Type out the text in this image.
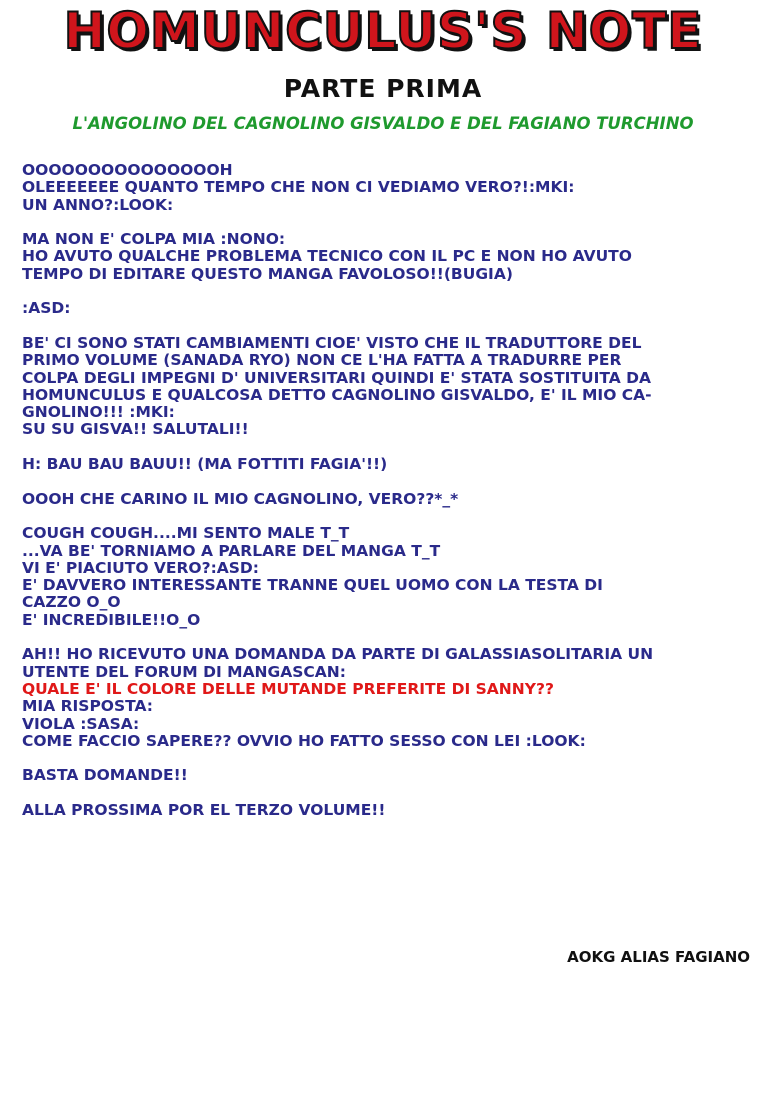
HOMUNCULUS'S NOTE
PARTE PRIMA
L'ANGOLINO DEL CAGNOLINO GISVALDO E DEL FAGIANO TURCHINO

OOOOOOOOOOOOOOOH
OLEEEEEEE QUANTO TEMPO CHE NON CI VEDIAMO VERO?!:MKI:
UN ANNO?:LOOK:

MA NON E' COLPA MIA :NONO:
HO AVUTO QUALCHE PROBLEMA TECNICO CON IL PC E NON HO AVUTO
TEMPO DI EDITARE QUESTO MANGA FAVOLOSO!!(BUGIA)

:ASD:

BE' CI SONO STATI CAMBIAMENTI CIOE' VISTO CHE IL TRADUTTORE DEL
PRIMO VOLUME (SANADA RYO) NON CE L'HA FATTA A TRADURRE PER
COLPA DEGLI IMPEGNI D' UNIVERSITARI QUINDI E' STATA SOSTITUITA DA
HOMUNCULUS E QUALCOSA DETTO CAGNOLINO GISVALDO, E' IL MIO CA-
GNOLINO!!! :MKI:
SU SU GISVA!! SALUTALI!!

H: BAU BAU BAUU!! (MA FOTTITI FAGIA'!!)

OOOH CHE CARINO IL MIO CAGNOLINO, VERO??*_*

COUGH COUGH....MI SENTO MALE T_T
...VA BE' TORNIAMO A PARLARE DEL MANGA T_T
VI E' PIACIUTO VERO?:ASD:
E' DAVVERO INTERESSANTE TRANNE QUEL UOMO CON LA TESTA DI
CAZZO O_O
E' INCREDIBILE!!O_O

AH!! HO RICEVUTO UNA DOMANDA DA PARTE DI GALASSIASOLITARIA UN
UTENTE DEL FORUM DI MANGASCAN:
QUALE E' IL COLORE DELLE MUTANDE PREFERITE DI SANNY??
MIA RISPOSTA:
VIOLA :SASA:
COME FACCIO SAPERE?? OVVIO HO FATTO SESSO CON LEI :LOOK:

BASTA DOMANDE!!

ALLA PROSSIMA POR EL TERZO VOLUME!!

AOKG ALIAS FAGIANO
